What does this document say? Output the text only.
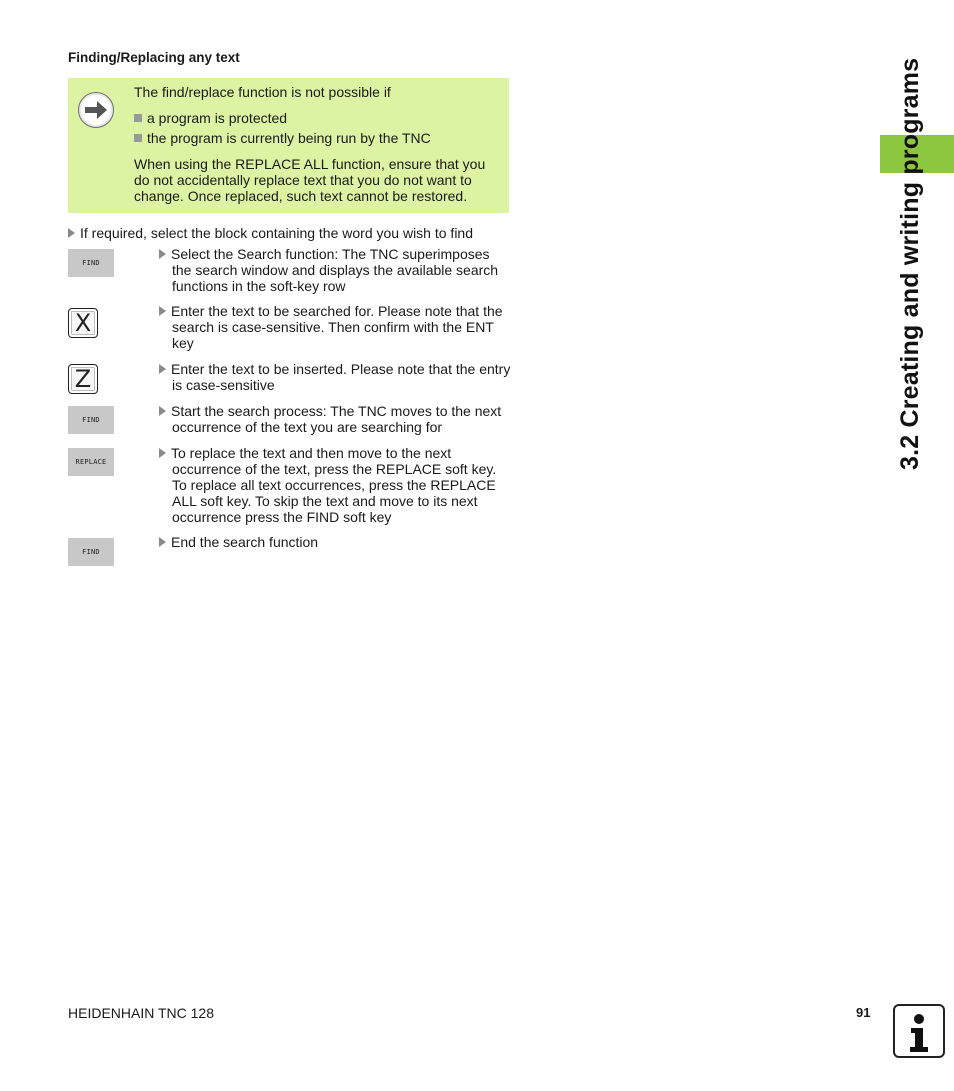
Finding/Replacing any text

The find/replace function is not possible if

a program is protected
the program is currently being run by the TNC

When using the REPLACE ALL function, ensure that you do not accidentally replace text that you do not want to change. Once replaced, such text cannot be restored.

If required, select the block containing the word you wish to find
FIND
Select the Search function: The TNC superimposes the search window and displays the available search functions in the soft-key row
X	Enter the text to be searched for. Please note that the search is case-sensitive. Then confirm with the ENT key
Z	Enter the text to be inserted. Please note that the entry is case-sensitive
FIND
Start the search process: The TNC moves to the next occurrence of the text you are searching for
REPLACE
To replace the text and then move to the next occurrence of the text, press the REPLACE soft key. To replace all text occurrences, press the REPLACE ALL soft key. To skip the text and move to its next occurrence press the FIND soft key
FIND
End the search function
3.2 Creating and writing programs
HEIDENHAIN TNC 128	91
